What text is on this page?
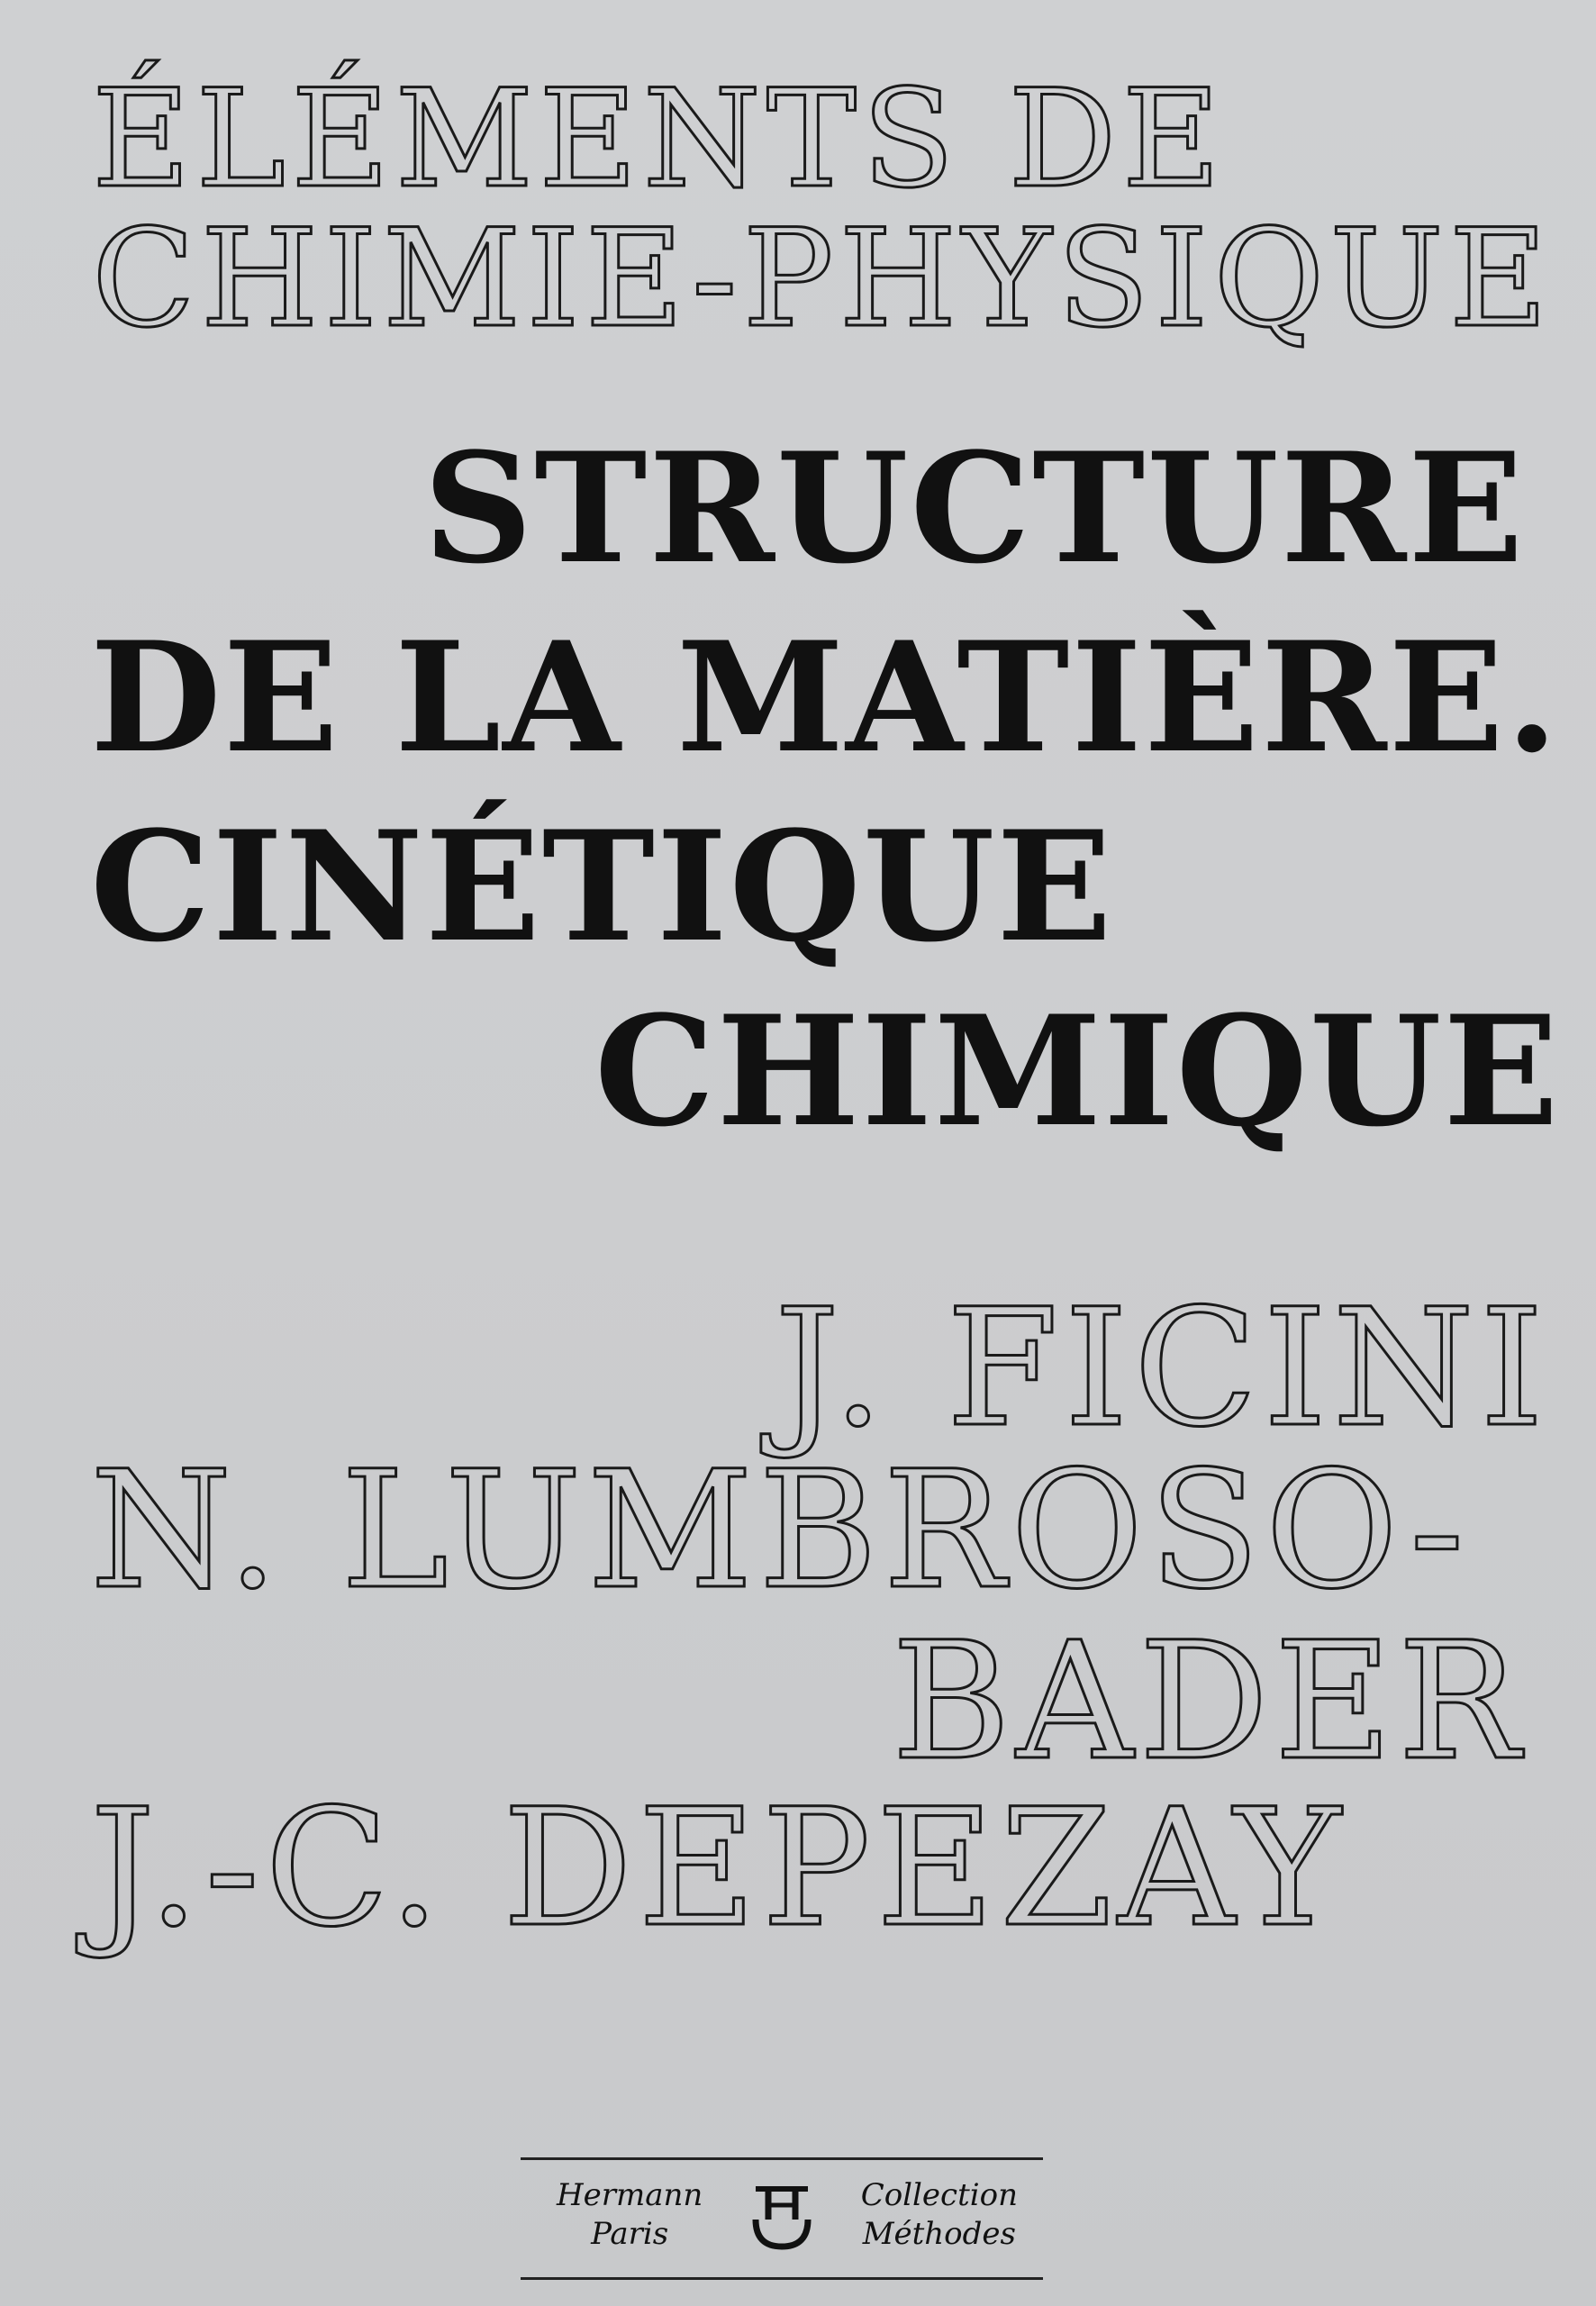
ÉLÉMENTS DE
CHIMIE-PHYSIQUE
STRUCTURE
DE LA MATIÈRE.
CINÉTIQUE
CHIMIQUE
J. FICINI
N. LUMBROSO-
BADER
J.-C. DEPEZAY
Hermann
Paris
Collection
Méthodes
